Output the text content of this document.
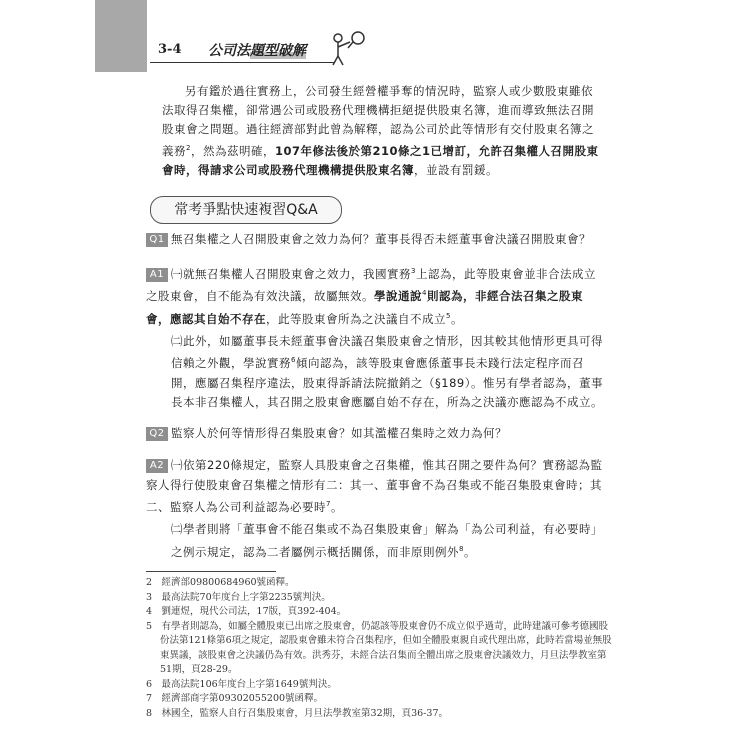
3-4 公司法題型破解

另有鑑於過往實務上，公司發生經營權爭奪的情況時，監察人或少數股東雖依法取得召集權，卻常遇公司或股務代理機構拒絕提供股東名簿，進而導致無法召開股東會之問題。過往經濟部對此曾為解釋，認為公司於此等情形有交付股東名簿之義務$^2$，然為茲明確，107年修法後於第210條之1已增訂，允許召集權人召開股東會時，得請求公司或股務代理機構提供股東名簿，並設有罰鍰。

常考爭點快速複習Q&A
Q1 無召集權之人召開股東會之效力為何？董事長得否未經董事會決議召開股東會？
A1 ㈠就無召集權人召開股東會之效力，我國實務$^3$上認為，此等股東會並非合法成立之股東會，自不能為有效決議，故屬無效。學說通說$^4$則認為，非經合法召集之股東會，應認其自始不存在，此等股東會所為之決議自不成立$^5$。
㈡此外，如屬董事長未經董事會決議召集股東會之情形，因其較其他情形更具可得信賴之外觀，學說實務$^6$傾向認為，該等股東會應係董事長未踐行法定程序而召開，應屬召集程序違法，股東得訴請法院撤銷之（§189）。惟另有學者認為，董事長本非召集權人，其召開之股東會應屬自始不存在，所為之決議亦應認為不成立。
Q2 監察人於何等情形得召集股東會？如其濫權召集時之效力為何？
A2 ㈠依第220條規定，監察人具股東會之召集權，惟其召開之要件為何？實務認為監察人得行使股東會召集權之情形有二：其一、董事會不為召集或不能召集股東會時；其二、監察人為公司利益認為必要時$^7$。
㈡學者則將「董事會不能召集或不為召集股東會」解為「為公司利益，有必要時」之例示規定，認為二者屬例示概括關係，而非原則例外$^8$。
2　經濟部09800684960號函釋。
3　最高法院70年度台上字第2235號判決。
4　劉連煜，現代公司法，17版，頁392-404。
5　有學者則認為，如屬全體股東已出席之股東會，仍認該等股東會仍不成立似乎過苛，此時建議可參考德國股份法第121條第6項之規定，認股東會雖未符合召集程序，但如全體股東親自或代理出席，此時若當場並無股東異議，該股東會之決議仍為有效。洪秀芬，未經合法召集而全體出席之股東會決議效力，月旦法學教室第51期，頁28-29。
6　最高法院106年度台上字第1649號判決。
7　經濟部商字第09302055200號函釋。
8　林國全，監察人自行召集股東會，月旦法學教室第32期，頁36-37。
